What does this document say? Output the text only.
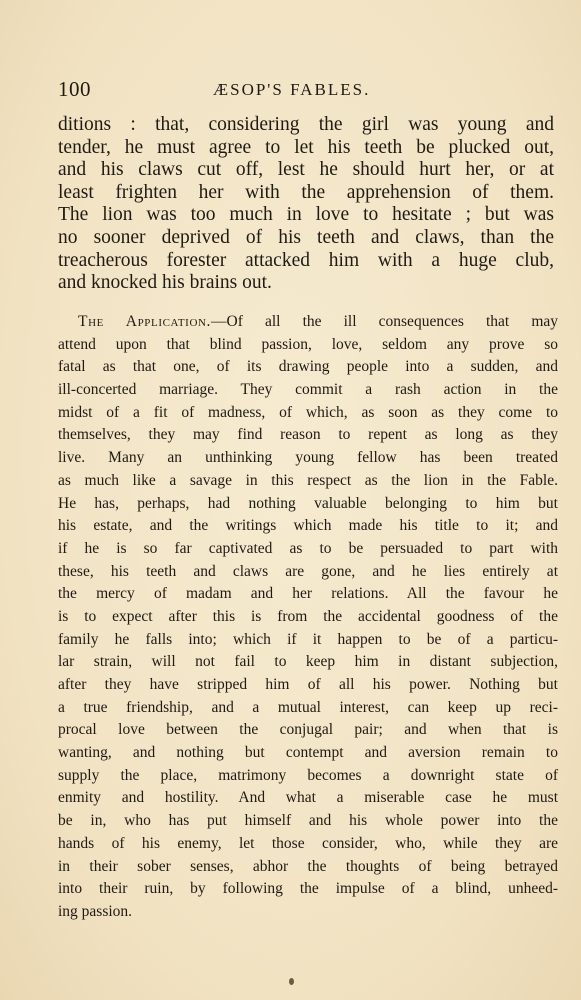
100	ÆSOP'S FABLES.
ditions : that, considering the girl was young and
tender, he must agree to let his teeth be plucked out,
and his claws cut off, lest he should hurt her, or at
least frighten her with the apprehension of them.
The lion was too much in love to hesitate ; but was
no sooner deprived of his teeth and claws, than the
treacherous forester attacked him with a huge club,
and knocked his brains out.
The Application.—Of all the ill consequences that may
attend upon that blind passion, love, seldom any prove so
fatal as that one, of its drawing people into a sudden, and
ill-concerted marriage. They commit a rash action in the
midst of a fit of madness, of which, as soon as they come to
themselves, they may find reason to repent as long as they
live. Many an unthinking young fellow has been treated
as much like a savage in this respect as the lion in the Fable.
He has, perhaps, had nothing valuable belonging to him but
his estate, and the writings which made his title to it; and
if he is so far captivated as to be persuaded to part with
these, his teeth and claws are gone, and he lies entirely at
the mercy of madam and her relations. All the favour he
is to expect after this is from the accidental goodness of the
family he falls into; which if it happen to be of a particu-
lar strain, will not fail to keep him in distant subjection,
after they have stripped him of all his power. Nothing but
a true friendship, and a mutual interest, can keep up reci-
procal love between the conjugal pair; and when that is
wanting, and nothing but contempt and aversion remain to
supply the place, matrimony becomes a downright state of
enmity and hostility. And what a miserable case he must
be in, who has put himself and his whole power into the
hands of his enemy, let those consider, who, while they are
in their sober senses, abhor the thoughts of being betrayed
into their ruin, by following the impulse of a blind, unheed-
ing passion.
